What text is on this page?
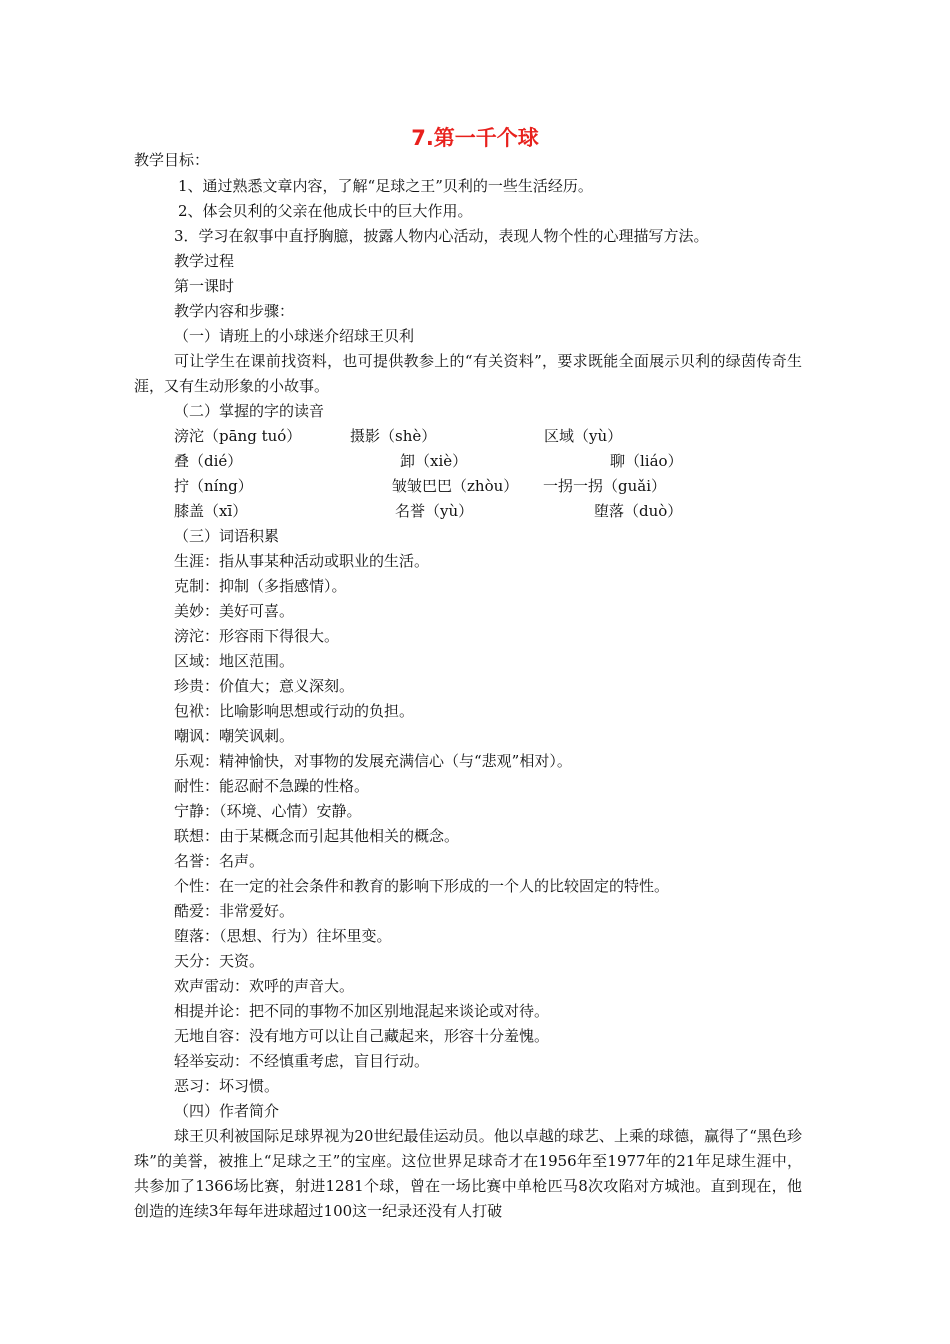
7.第一千个球
教学目标：
1、通过熟悉文章内容，了解“足球之王”贝利的一些生活经历。
2、体会贝利的父亲在他成长中的巨大作用。
3．学习在叙事中直抒胸臆，披露人物内心活动，表现人物个性的心理描写方法。
教学过程
第一课时
教学内容和步骤：
（一）请班上的小球迷介绍球王贝利
可让学生在课前找资料，也可提供教参上的“有关资料”，要求既能全面展示贝利的绿茵传奇生涯，又有生动形象的小故事。
（二）掌握的字的读音
滂沱（pāng tuó）	摄影（shè）	区域（yù）
叠（dié）	卸（xiè）	聊（liáo）
拧（níng）	皱皱巴巴（zhòu） 一拐一拐（guǎi）
膝盖（xī）	名誉（yù）	堕落（duò）
（三）词语积累
生涯：指从事某种活动或职业的生活。
克制：抑制（多指感情）。
美妙：美好可喜。
滂沱：形容雨下得很大。
区域：地区范围。
珍贵：价值大；意义深刻。
包袱：比喻影响思想或行动的负担。
嘲讽：嘲笑讽刺。
乐观：精神愉快，对事物的发展充满信心（与“悲观”相对）。
耐性：能忍耐不急躁的性格。
宁静：（环境、心情）安静。
联想：由于某概念而引起其他相关的概念。
名誉：名声。
个性：在一定的社会条件和教育的影响下形成的一个人的比较固定的特性。
酷爱：非常爱好。
堕落：（思想、行为）往坏里变。
天分：天资。
欢声雷动：欢呼的声音大。
相提并论：把不同的事物不加区别地混起来谈论或对待。
无地自容：没有地方可以让自己藏起来，形容十分羞愧。
轻举妄动：不经慎重考虑，盲目行动。
恶习：坏习惯。
（四）作者简介
球王贝利被国际足球界视为20世纪最佳运动员。他以卓越的球艺、上乘的球德，赢得了“黑色珍珠”的美誉，被推上“足球之王”的宝座。这位世界足球奇才在1956年至1977年的21年足球生涯中，共参加了1366场比赛，射进1281个球，曾在一场比赛中单枪匹马8次攻陷对方城池。直到现在，他创造的连续3年每年进球超过100这一纪录还没有人打破
